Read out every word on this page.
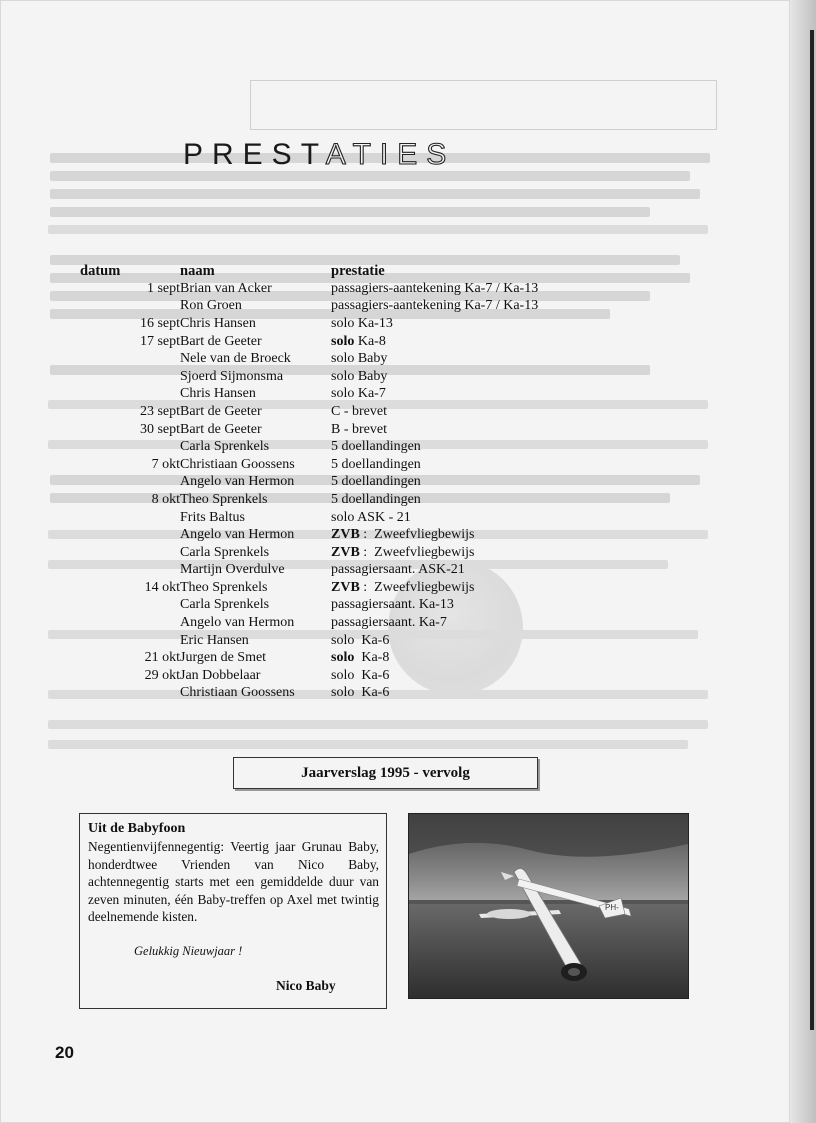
PRESTATIES
datum	naam	prestatie
1 sept	Brian van Acker	passagiers-aantekening Ka-7 / Ka-13
	Ron Groen	passagiers-aantekening Ka-7 / Ka-13
16 sept	Chris Hansen	solo Ka-13
17 sept	Bart de Geeter	solo Ka-8
	Nele van de Broeck	solo Baby
	Sjoerd Sijmonsma	solo Baby
	Chris Hansen	solo Ka-7
23 sept	Bart de Geeter	C - brevet
30 sept	Bart de Geeter	B - brevet
	Carla Sprenkels	5 doellandingen
7 okt	Christiaan Goossens	5 doellandingen
	Angelo van Hermon	5 doellandingen
8 okt	Theo Sprenkels	5 doellandingen
	Frits Baltus	solo ASK - 21
	Angelo van Hermon	ZVB :  Zweefvliegbewijs
	Carla Sprenkels	ZVB :  Zweefvliegbewijs
	Martijn Overdulve	passagiersaant. ASK-21
14 okt	Theo Sprenkels	ZVB :  Zweefvliegbewijs
	Carla Sprenkels	passagiersaant. Ka-13
	Angelo van Hermon	passagiersaant. Ka-7
	Eric Hansen	solo  Ka-6
21 okt	Jurgen de Smet	solo  Ka-8
29 okt	Jan Dobbelaar	solo  Ka-6
	Christiaan Goossens	solo  Ka-6
Jaarverslag 1995 - vervolg
Uit de Babyfoon
Negentienvijfennegentig: Veertig jaar Grunau Baby, honderdtwee Vrienden van Nico Baby, achtennegentig starts met een gemiddelde duur van zeven minuten, één Baby-treffen op Axel met twintig deelnemende kisten.
Gelukkig Nieuwjaar !
Nico Baby
PH-
20
